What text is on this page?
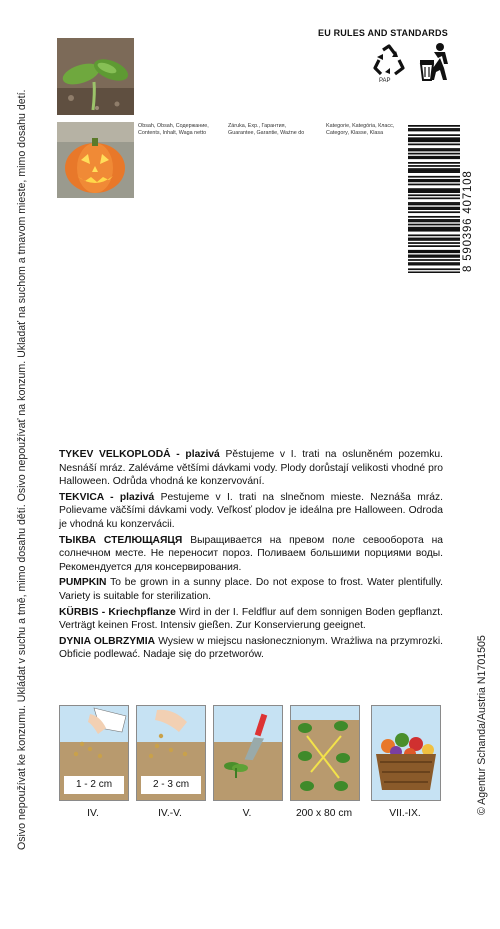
Osivo nepoužívat ke konzumu. Ukládat v suchu a tmě, mimo dosahu dětí. Osivo nepoužívať na konzum. Ukladať na suchom a tmavom mieste, mimo dosahu detí.	© Agentur Schanda/Austria N1701505
Obsah, Obsah, Содержание,
Contents, Inhalt, Waga netto
Záruka, Exp., Гарантия,
Guarantee, Garantie, Ważne do
Kategorie, Kategória, Класс,
Category, Klasse, Klasa
EU RULES AND STANDARDS
PAP
8 590396 407108

TYKEV VELKOPLODÁ - plazivá Pěstujeme v I. trati na osluněném pozemku. Nesnáší mráz. Zaléváme většími dávkami vody. Plody dorůstají velikosti vhodné pro Halloween. Odrůda vhodná ke konzervování.

TEKVICA - plazivá Pestujeme v I. trati na slnečnom mieste. Neznáša mráz. Polievame väčšími dávkami vody. Veľkosť plodov je ideálna pre Halloween. Odroda je vhodná ku konzervácii.

ТЫКВА СТЕЛЮЩАЯЦЯ Выращивается на превом поле севооборота на солнечном месте. Не переносит пороз. Поливаем большими порциями воды. Рекомендуется для консервирования.

PUMPKIN To be grown in a sunny place. Do not expose to frost. Water plentifully. Variety is suitable for sterilization.

KÜRBIS - Kriechpflanze Wird in der I. Feldflur auf dem sonnigen Boden gepflanzt. Verträgt keinen Frost. Intensiv gießen. Zur Konservierung geeignet.

DYNIA OLBRZYMIA Wysiew w miejscu nasłonecznionym. Wrażliwa na przymrozki. Obficie podlewać. Nadaje się do przetworów.

1 - 2 cm
IV.
2 - 3 cm
IV.-V.	V.	200 x 80 cm	VII.-IX.
